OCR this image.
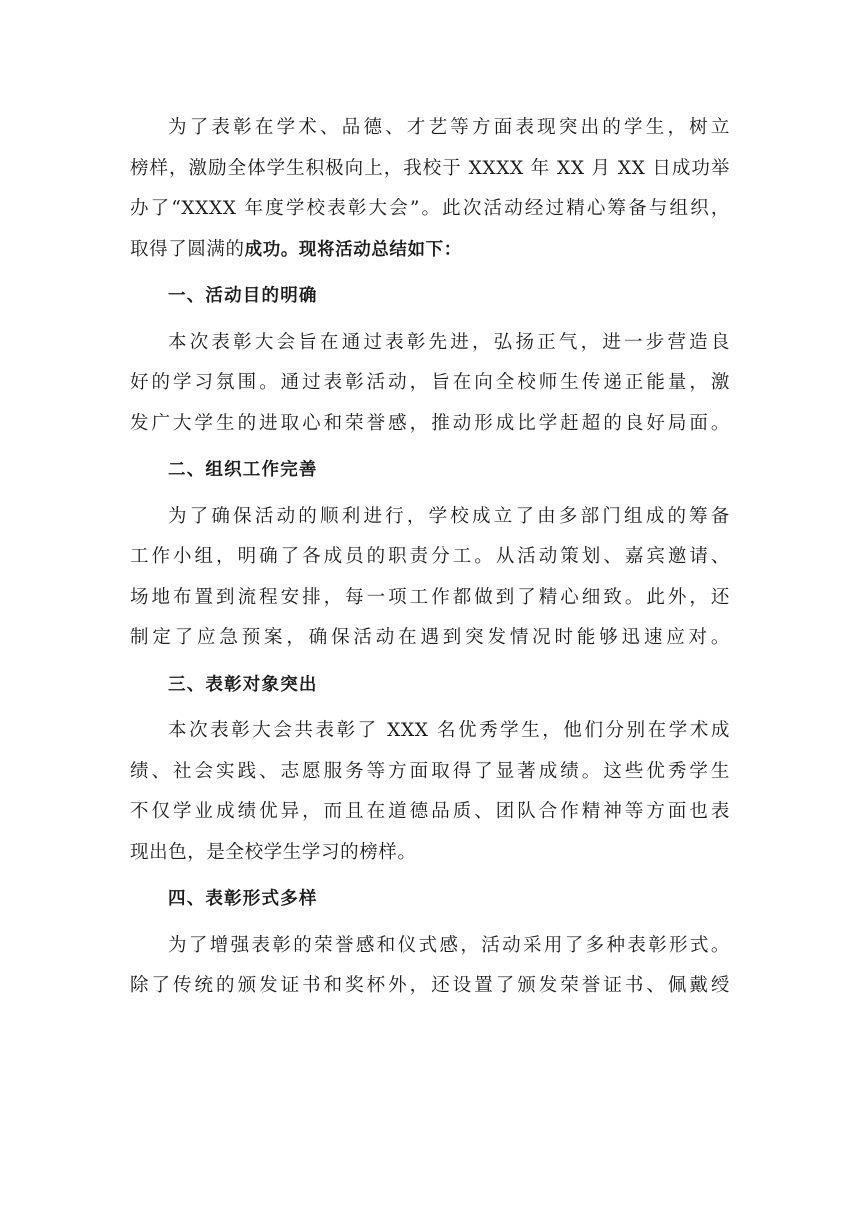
为了表彰在学术、品德、才艺等方面表现突出的学生，树立
榜样，激励全体学生积极向上，我校于 XXXX 年 XX 月 XX 日成功举
办了“XXXX 年度学校表彰大会”。此次活动经过精心筹备与组织，
取得了圆满的成功。现将活动总结如下：
一、活动目的明确
本次表彰大会旨在通过表彰先进，弘扬正气，进一步营造良
好的学习氛围。通过表彰活动，旨在向全校师生传递正能量，激
发广大学生的进取心和荣誉感，推动形成比学赶超的良好局面。
二、组织工作完善
为了确保活动的顺利进行，学校成立了由多部门组成的筹备
工作小组，明确了各成员的职责分工。从活动策划、嘉宾邀请、
场地布置到流程安排，每一项工作都做到了精心细致。此外，还
制定了应急预案，确保活动在遇到突发情况时能够迅速应对。
三、表彰对象突出
本次表彰大会共表彰了 XXX 名优秀学生，他们分别在学术成
绩、社会实践、志愿服务等方面取得了显著成绩。这些优秀学生
不仅学业成绩优异，而且在道德品质、团队合作精神等方面也表
现出色，是全校学生学习的榜样。
四、表彰形式多样
为了增强表彰的荣誉感和仪式感，活动采用了多种表彰形式。
除了传统的颁发证书和奖杯外，还设置了颁发荣誉证书、佩戴绶
